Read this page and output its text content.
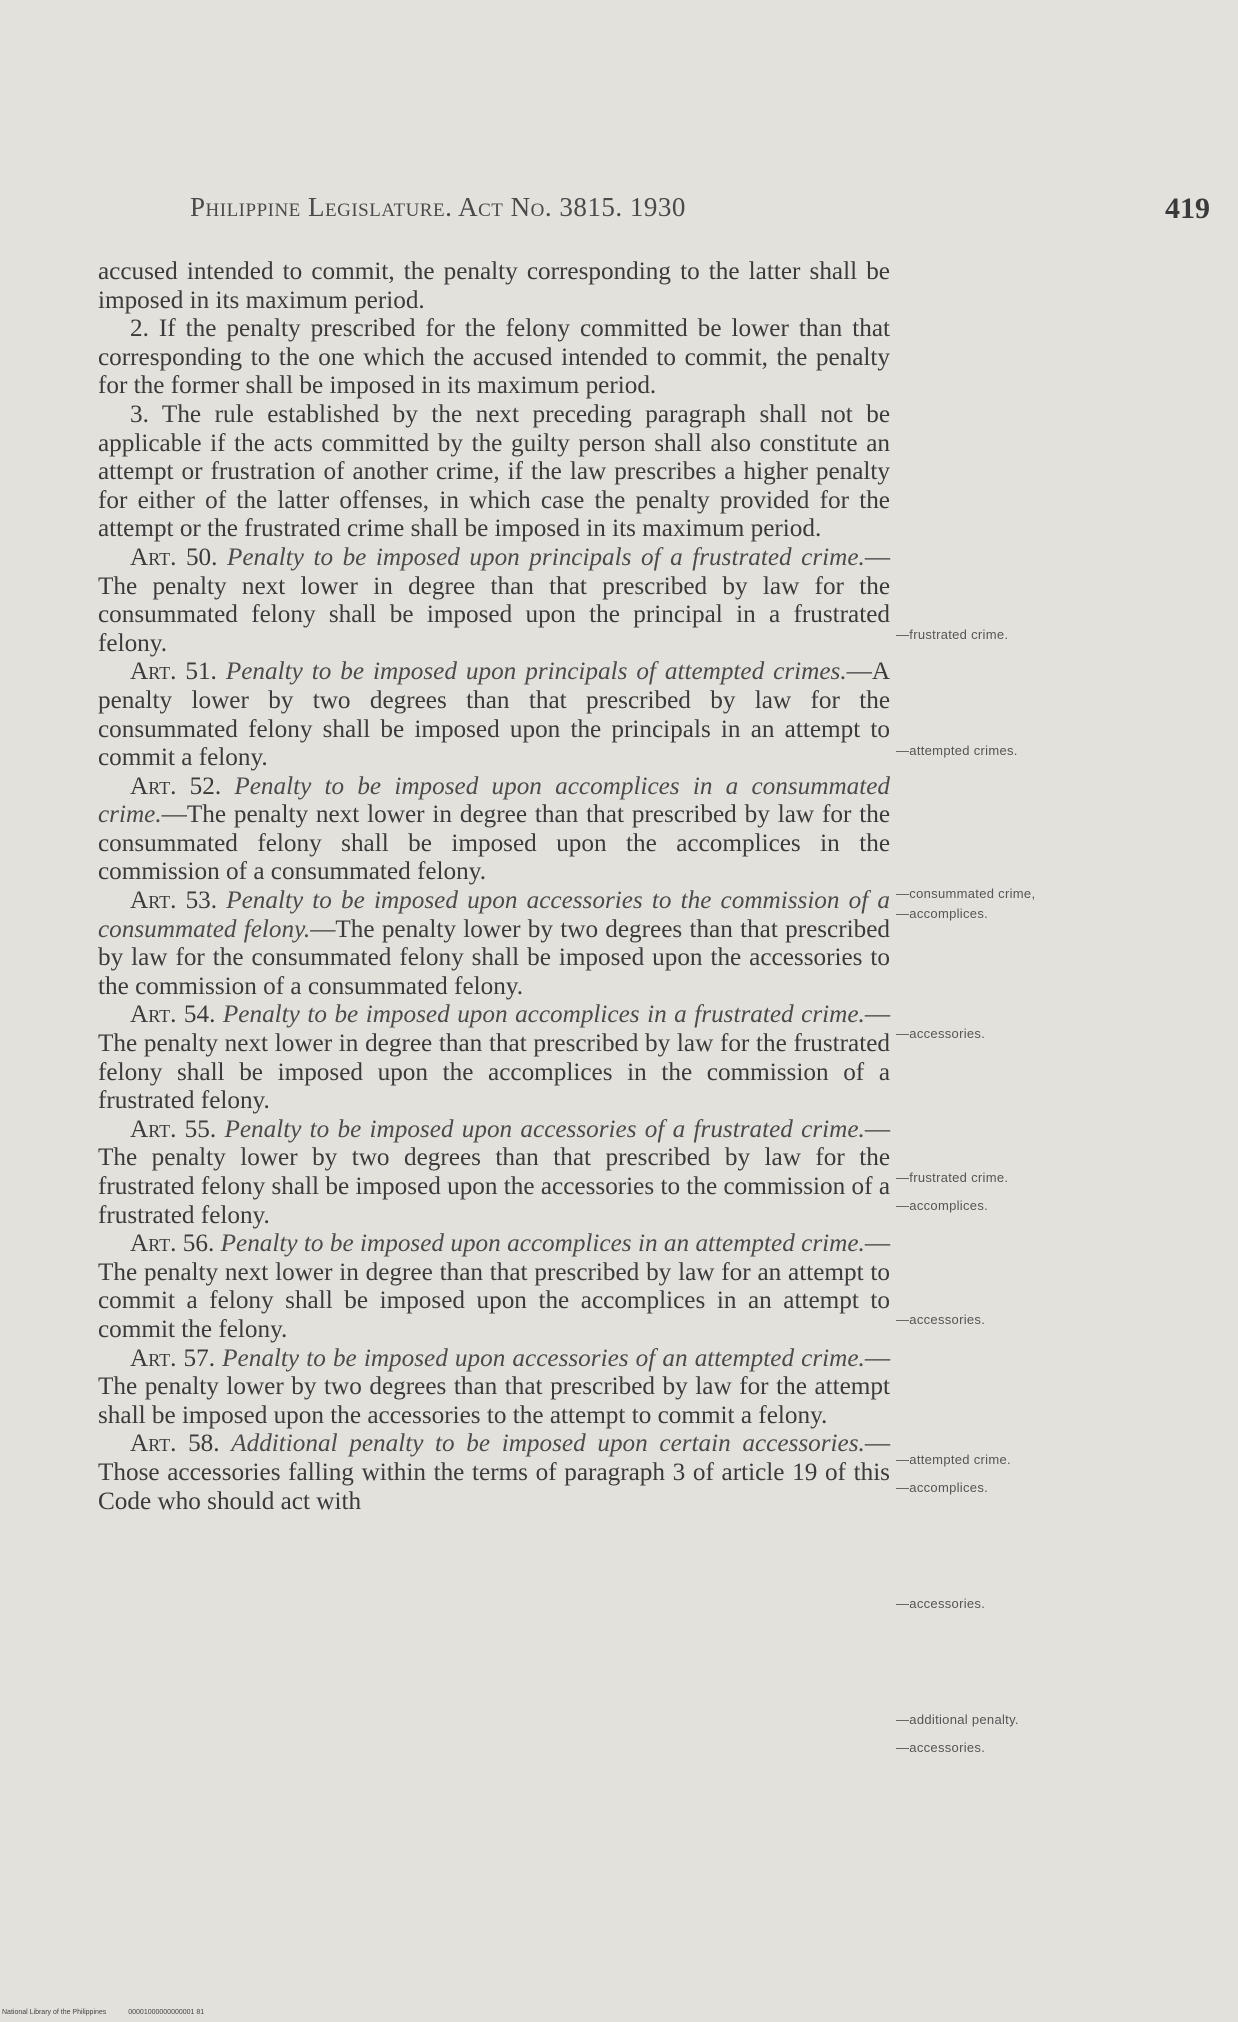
Philippine Legislature. Act No. 3815. 1930	419

accused intended to commit, the penalty corresponding to the latter shall be imposed in its maximum period.

2. If the penalty prescribed for the felony committed be lower than that corresponding to the one which the accused intended to commit, the penalty for the former shall be imposed in its maximum period.

3. The rule established by the next preceding paragraph shall not be applicable if the acts committed by the guilty person shall also constitute an attempt or frustration of another crime, if the law prescribes a higher penalty for either of the latter offenses, in which case the penalty provided for the attempt or the frustrated crime shall be imposed in its maximum period.

Art. 50. Penalty to be imposed upon principals of a frustrated crime.—The penalty next lower in degree than that prescribed by law for the consummated felony shall be imposed upon the principal in a frustrated felony.

Art. 51. Penalty to be imposed upon principals of attempted crimes.—A penalty lower by two degrees than that prescribed by law for the consummated felony shall be imposed upon the principals in an attempt to commit a felony.

Art. 52. Penalty to be imposed upon accomplices in a consummated crime.—The penalty next lower in degree than that prescribed by law for the consummated felony shall be imposed upon the accomplices in the commission of a consummated felony.

Art. 53. Penalty to be imposed upon accessories to the commission of a consummated felony.—The penalty lower by two degrees than that prescribed by law for the consummated felony shall be imposed upon the accessories to the commission of a consummated felony.

Art. 54. Penalty to be imposed upon accomplices in a frustrated crime.—The penalty next lower in degree than that prescribed by law for the frustrated felony shall be imposed upon the accomplices in the commission of a frustrated felony.

Art. 55. Penalty to be imposed upon accessories of a frustrated crime.—The penalty lower by two degrees than that prescribed by law for the frustrated felony shall be imposed upon the accessories to the commission of a frustrated felony.

Art. 56. Penalty to be imposed upon accomplices in an attempted crime.—The penalty next lower in degree than that prescribed by law for an attempt to commit a felony shall be imposed upon the accomplices in an attempt to commit the felony.

Art. 57. Penalty to be imposed upon accessories of an attempted crime.—The penalty lower by two degrees than that prescribed by law for the attempt shall be imposed upon the accessories to the attempt to commit a felony.

Art. 58. Additional penalty to be imposed upon certain accessories.—Those accessories falling within the terms of paragraph 3 of article 19 of this Code who should act with

—frustrated crime.
—attempted crimes.
—consummated crime,
—accomplices.
—accessories.
—frustrated crime.
—accomplices.
—accessories.
—attempted crime.
—accomplices.
—accessories.
—additional penalty.
—accessories.
National Library of the Philippines	00001000000000001 81
